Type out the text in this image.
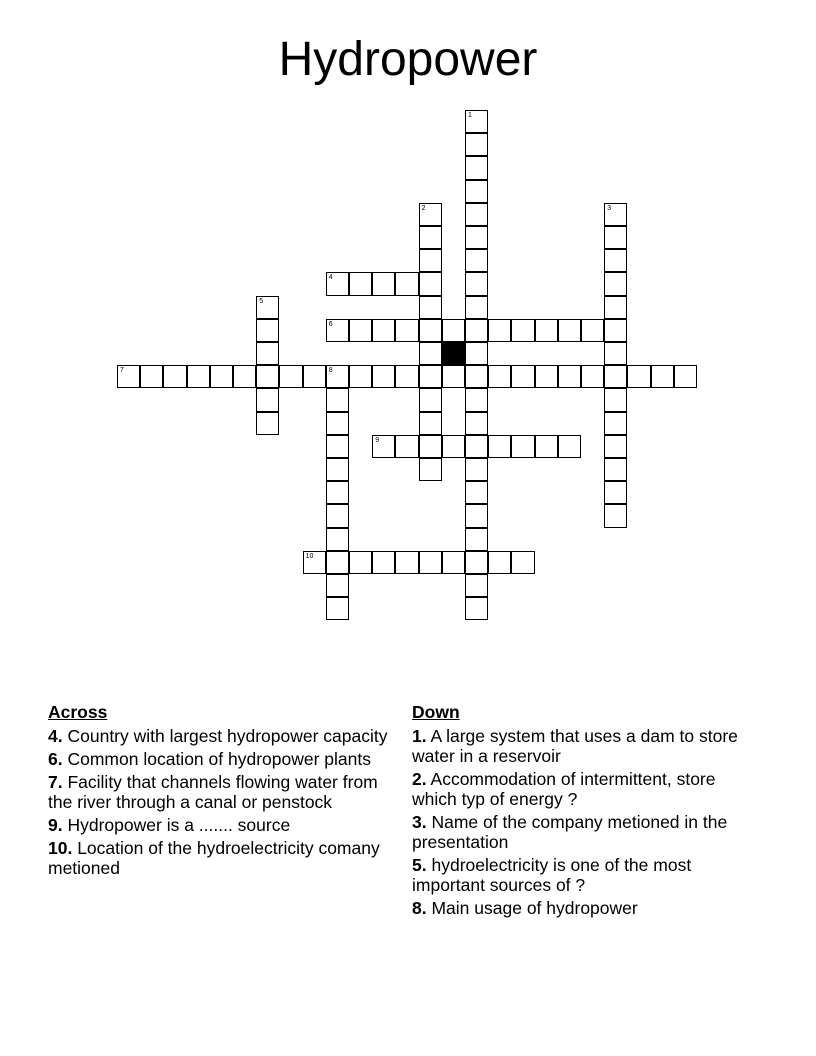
Hydropower
1
2	3
4
5
6
7	8
9
10
Across
4. Country with largest hydropower capacity
6. Common location of hydropower plants
7. Facility that channels flowing water from the river through a canal or penstock
9. Hydropower is a ....... source
10. Location of the hydroelectricity comany metioned
Down
1. A large system that uses a dam to store water in a reservoir
2. Accommodation of intermittent, store which typ of energy ?
3. Name of the company metioned in the presentation
5. hydroelectricity is one of the most important sources of ?
8. Main usage of hydropower
